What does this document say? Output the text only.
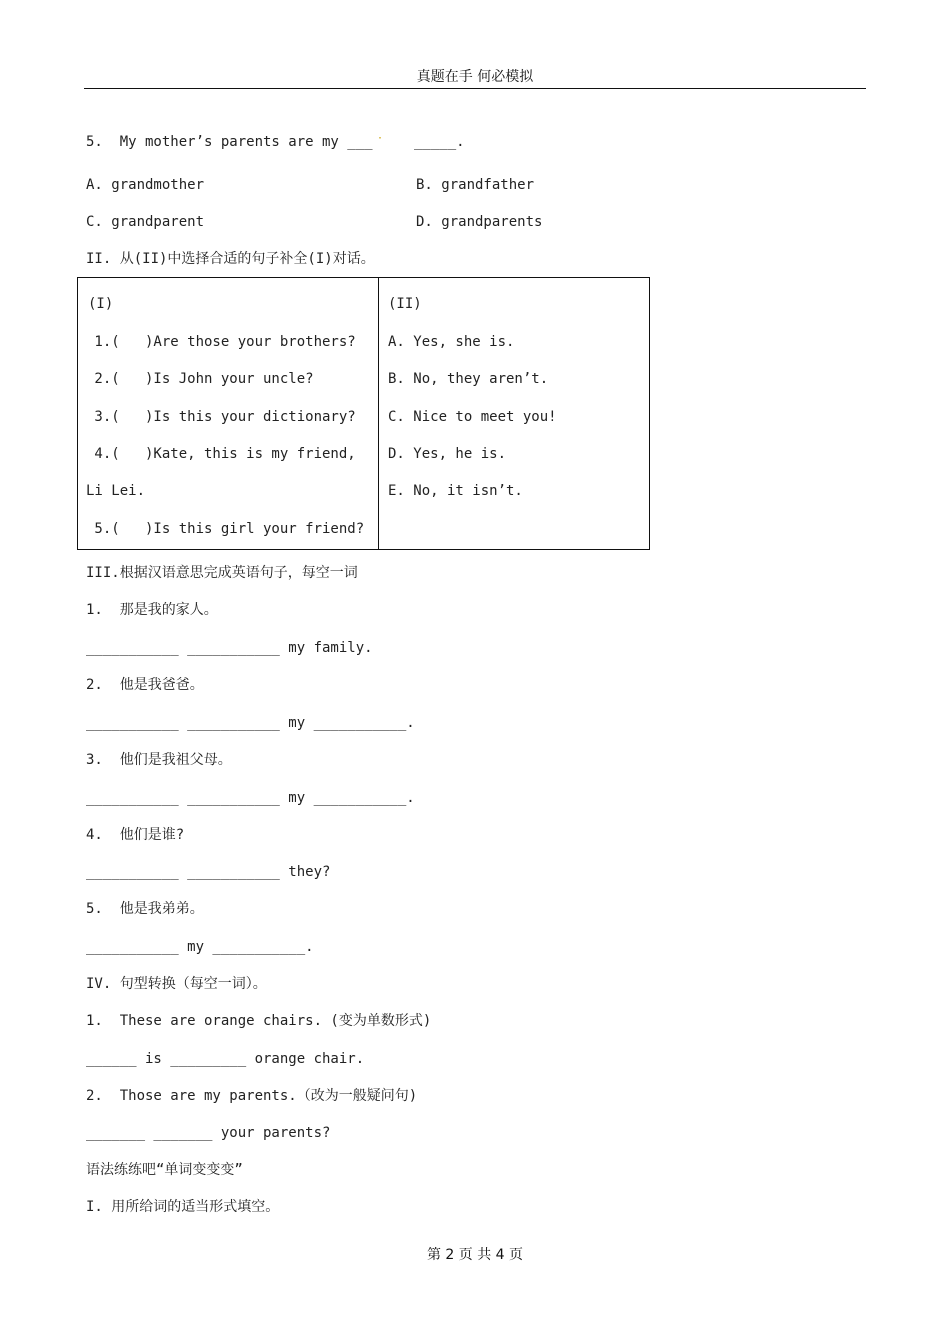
真题在手 何必模拟
5.  My mother’s parents are my ___ · _____.
A. grandmother	B. grandfather
C. grandparent	D. grandparents
II. 从(II)中选择合适的句子补全(I)对话。
(I)
1.(   )Are those your brothers?
2.(   )Is John your uncle?
3.(   )Is this your dictionary?
4.(   )Kate, this is my friend,
Li Lei.
5.(   )Is this girl your friend?
(II)
A. Yes, she is.
B. No, they aren’t.
C. Nice to meet you!
D. Yes, he is.
E. No, it isn’t.
III.根据汉语意思完成英语句子，每空一词
1.  那是我的家人。
___________ ___________ my family.
2.  他是我爸爸。
___________ ___________ my ___________.
3.  他们是我祖父母。
___________ ___________ my ___________.
4.  他们是谁?
___________ ___________ they?
5.  他是我弟弟。
___________ my ___________.
IV. 句型转换（每空一词）。
1.  These are orange chairs. (变为单数形式)
______ is _________ orange chair.
2.  Those are my parents.（改为一般疑问句)
_______ _______ your parents?
语法练练吧“单词变变变”
I. 用所给词的适当形式填空。
第 2 页 共 4 页
